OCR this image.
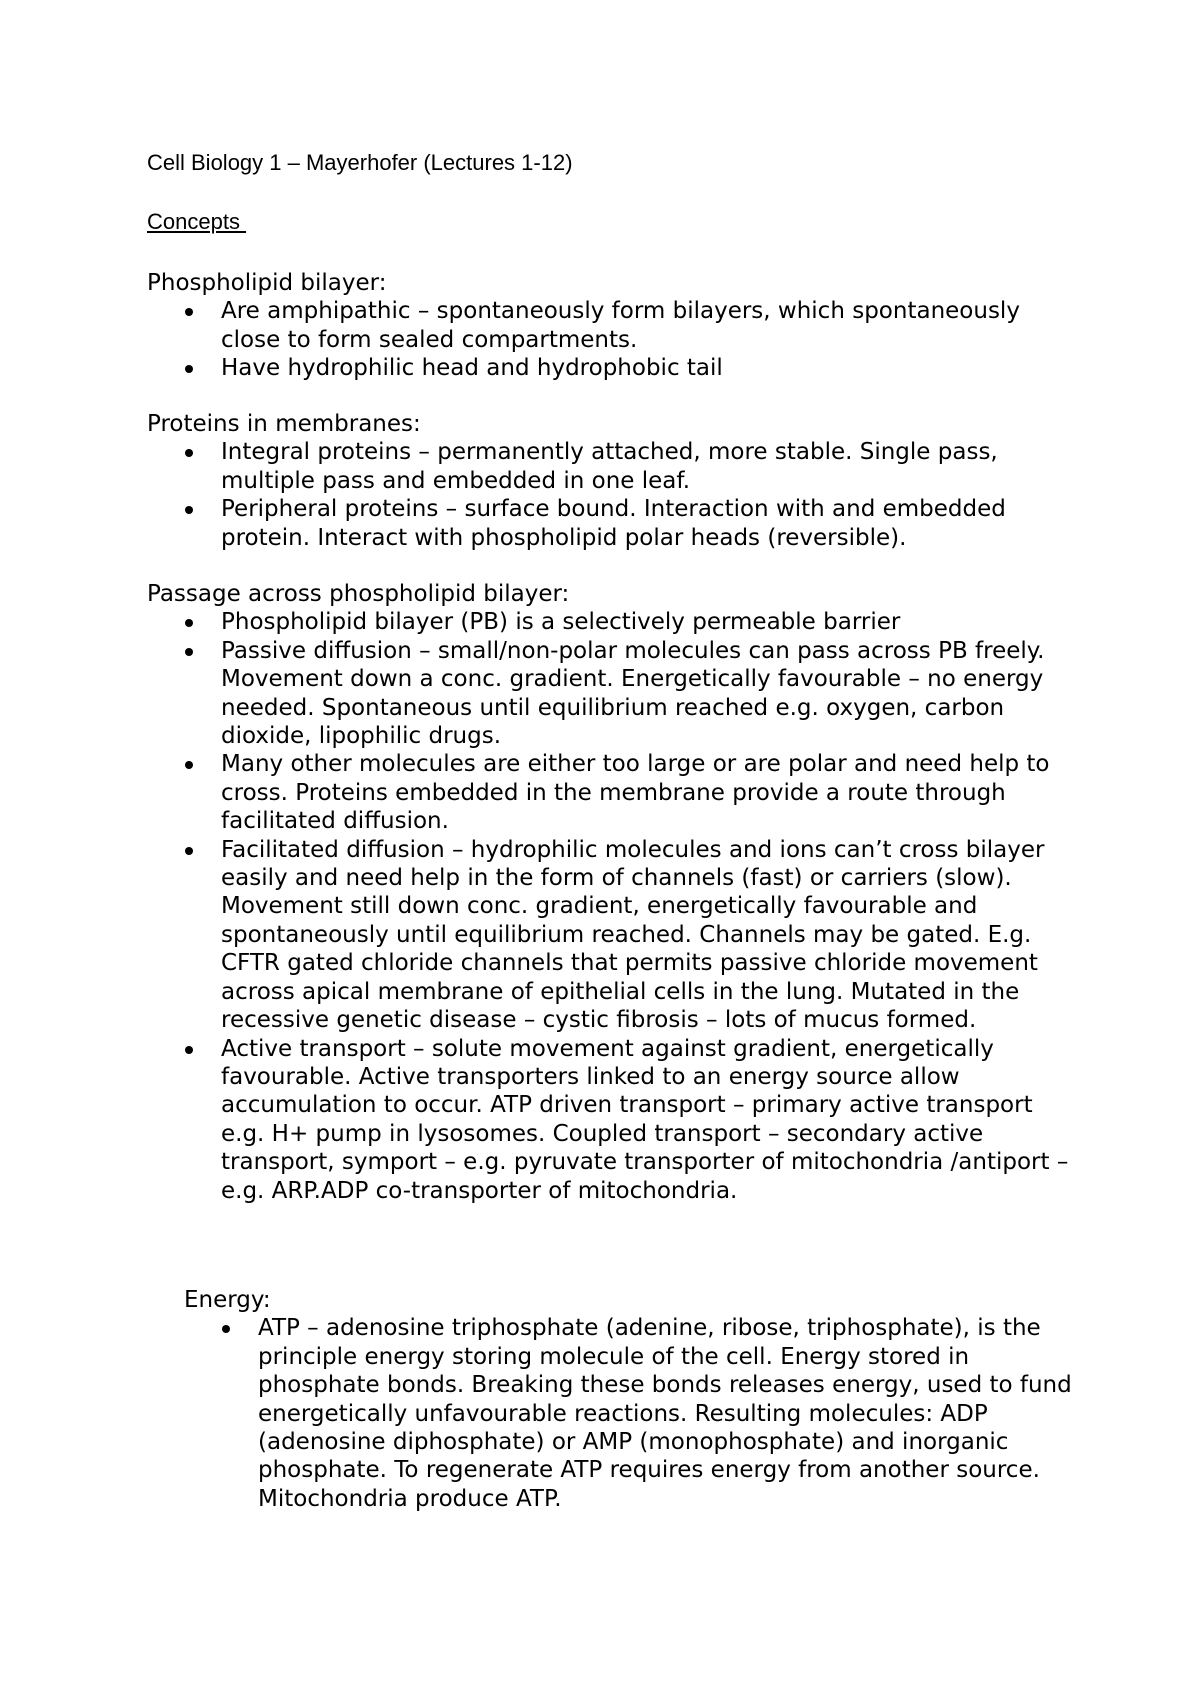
Cell Biology 1 – Mayerhofer (Lectures 1-12)
Concepts

Phospholipid bilayer:

Are amphipathic – spontaneously form bilayers, which spontaneously close to form sealed compartments.
Have hydrophilic head and hydrophobic tail

Proteins in membranes:

Integral proteins – permanently attached, more stable. Single pass, multiple pass and embedded in one leaf.
Peripheral proteins – surface bound. Interaction with and embedded protein. Interact with phospholipid polar heads (reversible).

Passage across phospholipid bilayer:

Phospholipid bilayer (PB) is a selectively permeable barrier
Passive diffusion – small/non-polar molecules can pass across PB freely. Movement down a conc. gradient. Energetically favourable – no energy needed. Spontaneous until equilibrium reached e.g. oxygen, carbon dioxide, lipophilic drugs.
Many other molecules are either too large or are polar and need help to cross. Proteins embedded in the membrane provide a route through facilitated diffusion.
Facilitated diffusion – hydrophilic molecules and ions can’t cross bilayer easily and need help in the form of channels (fast) or carriers (slow). Movement still down conc. gradient, energetically favourable and spontaneously until equilibrium reached. Channels may be gated. E.g. CFTR gated chloride channels that permits passive chloride movement across apical membrane of epithelial cells in the lung. Mutated in the recessive genetic disease – cystic fibrosis – lots of mucus formed.
Active transport – solute movement against gradient, energetically favourable. Active transporters linked to an energy source allow accumulation to occur. ATP driven transport – primary active transport e.g. H+ pump in lysosomes. Coupled transport – secondary active transport, symport – e.g. pyruvate transporter of mitochondria /antiport – e.g. ARP.ADP co-transporter of mitochondria.

Energy:

ATP – adenosine triphosphate (adenine, ribose, triphosphate), is the principle energy storing molecule of the cell. Energy stored in phosphate bonds. Breaking these bonds releases energy, used to fund energetically unfavourable reactions. Resulting molecules: ADP (adenosine diphosphate) or AMP (monophosphate) and inorganic phosphate. To regenerate ATP requires energy from another source. Mitochondria produce ATP.
